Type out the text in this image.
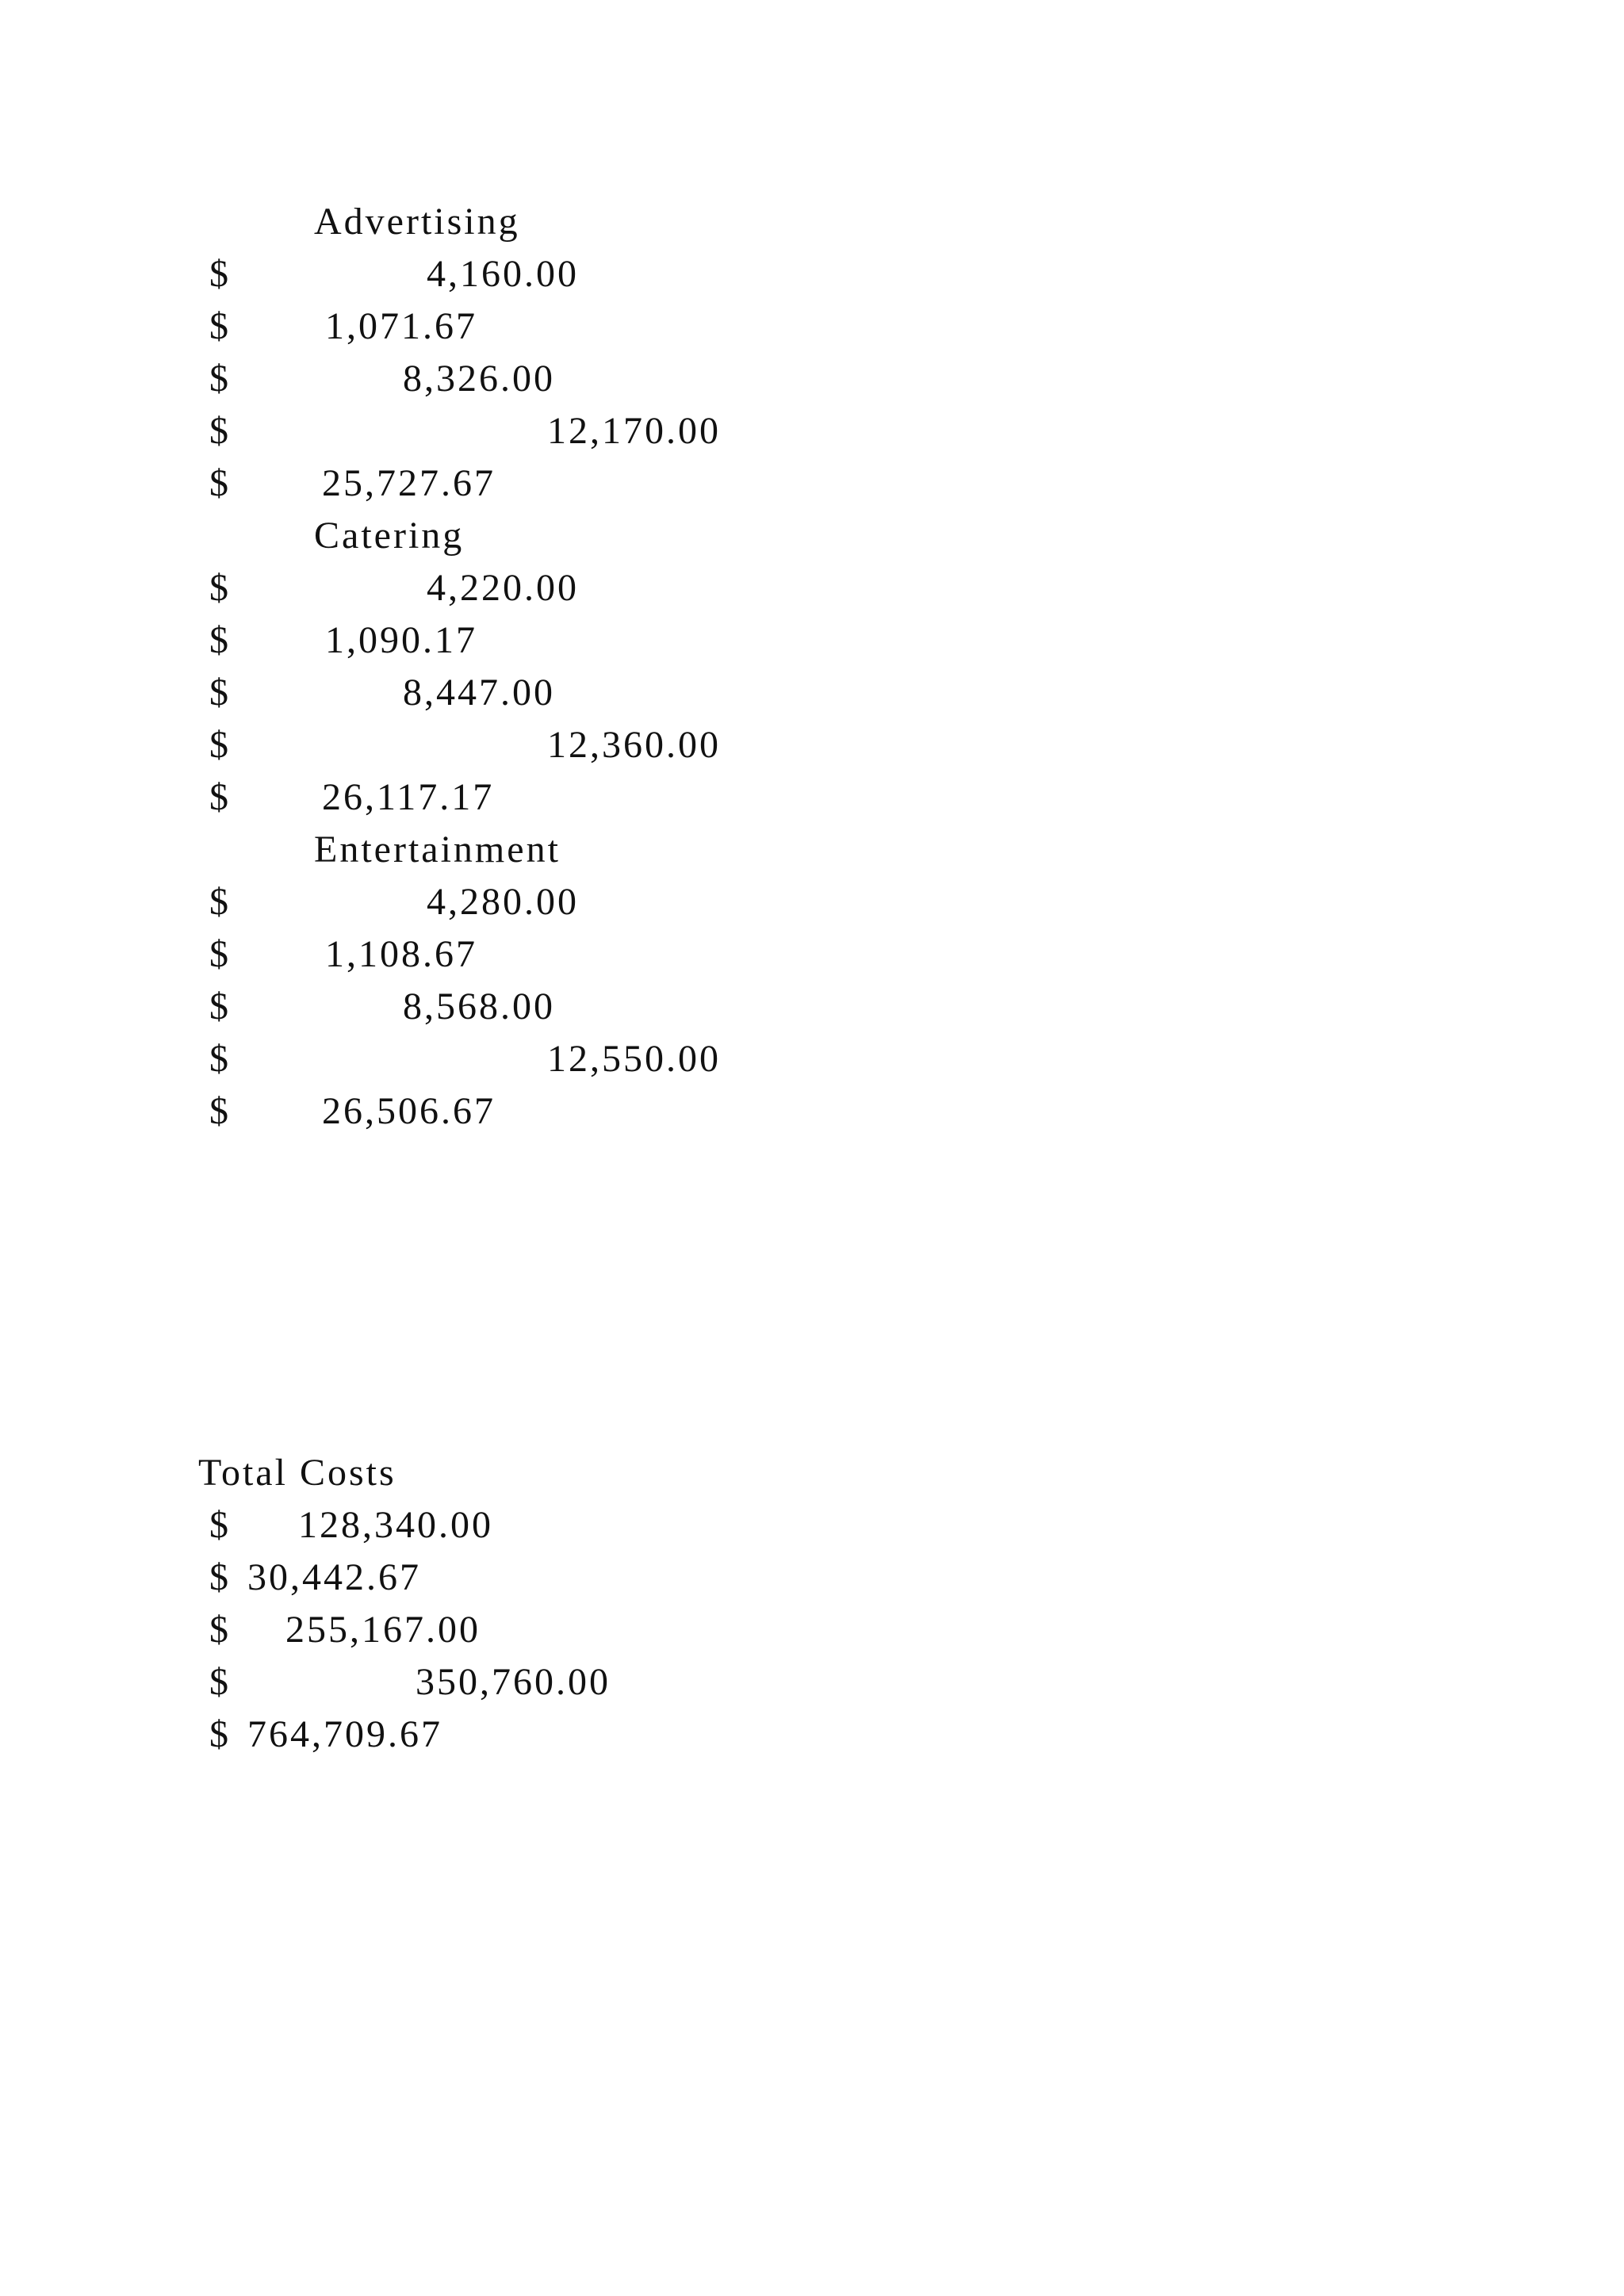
Advertising
$	4,160.00
$ 1,071.67
$	8,326.00
$	12,170.00
$ 25,727.67
Catering
$	4,220.00
$ 1,090.17
$	8,447.00
$	12,360.00
$ 26,117.17
Entertainment
$	4,280.00
$ 1,108.67
$	8,568.00
$	12,550.00
$ 26,506.67
Total Costs
$ 128,340.00
$ 30,442.67
$ 255,167.00
$	350,760.00
$ 764,709.67
